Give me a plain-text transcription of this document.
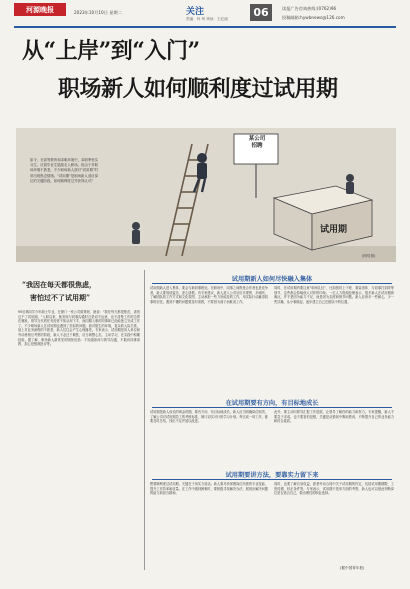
河源晚报	2023年10月10日 星期二	关注
责编：肖 珂 审读：王红丽	06	读报广告咨询热线:(0762)96
投稿邮箱:hywbnews@126.com
从“上岸”到“入门”
职场新人如何顺利度过试用期
某公司
招聘
试用期
如今，在高等教育和求职环境中，求职季里实习生、应届毕业生陆续走入职场。但由于对职场环境不熟悉，不少职场新人面对“试用期”时常出现焦虑情绪。“试用期”是职场新人适应岗位的关键阶段，如何顺利度过并获得认可？
(网络图)
“我因在每天都很焦虑，
害怕过不了试用期”
95后林同学今年硕士毕业，在厦门一家公司做策划，她说：“我在每天都很焦虑，害怕过不了试用期。”入职以来，她发现与同事沟通时总是词不达意，也不清楚工作的边界在哪里。领导交代的任务经常不知从何下手，而同期入职的同事却已经能独立完成工作了。不少职场新人在试用期也遇到了类似的问题。面对陌生的环境，复杂的人际关系，加上对业务流程的不熟悉，新人往往会产生心理落差。专家表示，试用期是用人单位和劳动者相互考察的阶段，新人不必过于紧张，应当调整心态，主动学习，在实践中积累经验。据了解，职场新人最常见的困扰包括：不知道如何与领导沟通、不敢向同事请教、担心犯错被批评等。
试用期新人如何尽快融入集体
试用期新人进入集体，要会与新同事相处。在职场中，同事之间既是合作者也是竞争者，新人要放低姿态、虚心请教。有专家建议，新人进入公司后应多观察、多倾听，了解团队的工作方式和文化氛围，主动承担一些力所能及的工作，用实际行动赢得同事的信任。遇到不懂的问题要及时请教，不要因为面子而耽误工作。
同时，在试用期内要注意“职场礼仪”，比如按时上下班、着装得体、与同事打招呼等细节，这些都会影响他人对你的印象。一位人力资源经理表示，很多新人在试用期被淘汰，并不是因为能力不足，而是因为态度和细节问题。新人应该多一些耐心，少一些浮躁，从小事做起，逐步建立自己在团队中的位置。
在试用期要有方向，有目标地成长
试用期是新人成长的黄金时期，要有方向、有目标地成长。新人应当明确岗位职责，了解公司对试用期员工的考核标准，制订切实可行的学习计划。每完成一项工作，都要及时总结，找出不足并加以改进。
此外，要主动向领导汇报工作进展，让领导了解你的能力和努力。专家提醒，新人不要急于求成，也不要害怕犯错，关键是从错误中吸取教训，不断提升自己的业务能力和综合素质。
试用期要讲方法，要靠实力留下来
想要顺利度过试用期，关键在于用实力说话。新人要尽快掌握岗位所需的专业技能，提升工作效率和质量。在工作中遇到困难时，要积极寻找解决办法，展现出解决问题的能力和担当精神。
同时，也要了解自身权益，熟悉劳动合同中关于试用期的约定，包括试用期期限、工资待遇、转正条件等。专家表示，试用期不是单方面的考察，新人也可以借此判断岗位是否适合自己，做出理性的职业选择。
(据中国青年报)
